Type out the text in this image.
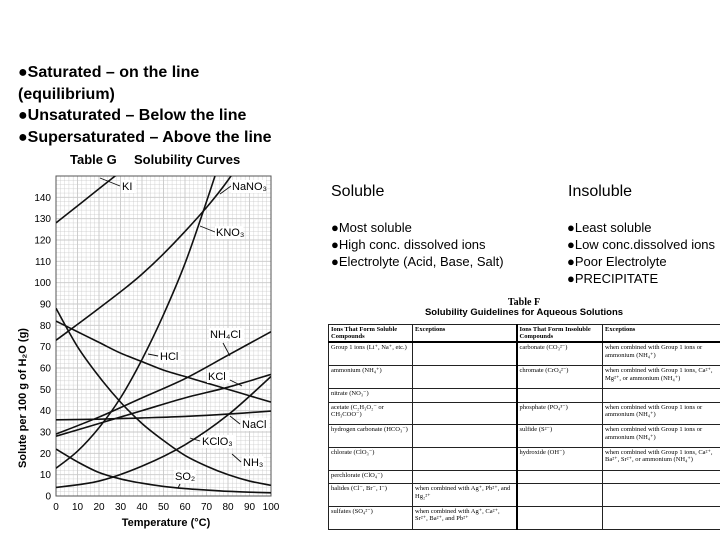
●Saturated – on the line
(equilibrium)
●Unsaturated – Below the line
●Supersaturated – Above the line
Soluble
●Most soluble
●High conc. dissolved ions
●Electrolyte (Acid, Base, Salt)
Insoluble
●Least soluble
●Low conc.dissolved ions
●Poor Electrolyte
●PRECIPITATE
Table G Solubility Curves
0 10 20 30 40 50 60 70 80 90 100
0
10
20
30
40
50
60
70
80
90
100
110
120
130
140
KI	NaNO₃
KNO₃
NH₄Cl
HCl
KCl
NaCl
KClO₃
NH₃
SO₂
Solute per 100 g of H₂O (g)
Temperature (°C)
Table F
Solubility Guidelines for Aqueous Solutions
Ions That Form Soluble Compounds	Exceptions	Ions That Form Insoluble Compounds	Exceptions
Group 1 ions (Li⁺, Na⁺, etc.)		carbonate (CO₃²⁻)	when combined with Group 1 ions or ammonium (NH₄⁺)
ammonium (NH₄⁺)		chromate (CrO₄²⁻)	when combined with Group 1 ions, Ca²⁺, Mg²⁺, or ammonium (NH₄⁺)
nitrate (NO₃⁻)			
acetate (C₂H₃O₂⁻ or CH₃COO⁻)		phosphate (PO₄³⁻)	when combined with Group 1 ions or ammonium (NH₄⁺)
hydrogen carbonate (HCO₃⁻)		sulfide (S²⁻)	when combined with Group 1 ions or ammonium (NH₄⁺)
chlorate (ClO₃⁻)		hydroxide (OH⁻)	when combined with Group 1 ions, Ca²⁺, Ba²⁺, Sr²⁺, or ammonium (NH₄⁺)
perchlorate (ClO₄⁻)			
halides (Cl⁻, Br⁻, I⁻)	when combined with Ag⁺, Pb²⁺, and Hg₂²⁺		
sulfates (SO₄²⁻)	when combined with Ag⁺, Ca²⁺, Sr²⁺, Ba²⁺, and Pb²⁺		
